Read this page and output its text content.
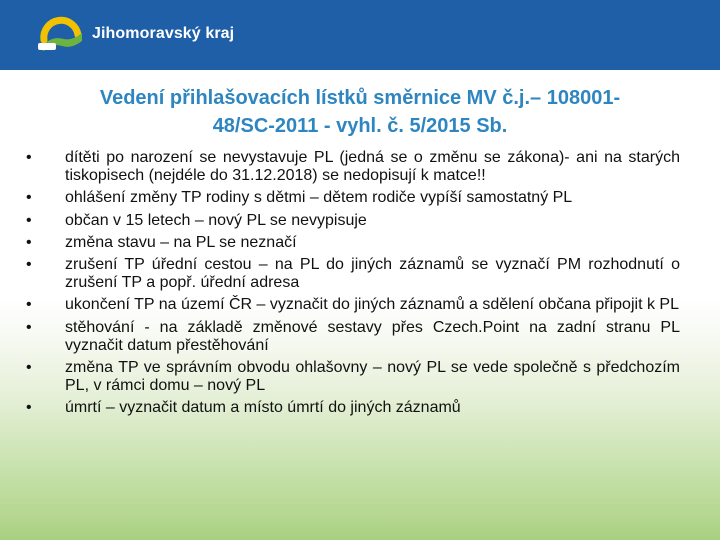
Jihomoravský kraj
Vedení přihlašovacích lístků směrnice MV č.j.– 108001-
48/SC-2011 - vyhl. č. 5/2015 Sb.
• dítěti po narození se nevystavuje PL (jedná se o změnu se zákona)- ani na starých tiskopisech (nejdéle do 31.12.2018) se nedopisují k matce!!
• ohlášení změny TP rodiny s dětmi – dětem rodiče vypíší samostatný PL
• občan v 15 letech – nový PL se nevypisuje
• změna stavu – na PL se neznačí
• zrušení TP úřední cestou – na PL do jiných záznamů se vyznačí PM rozhodnutí o zrušení TP a popř. úřední adresa
• ukončení TP na území ČR – vyznačit do jiných záznamů a sdělení občana připojit k PL
• stěhování - na základě změnové sestavy přes Czech.Point na zadní stranu PL vyznačit datum přestěhování
• změna TP ve správním obvodu ohlašovny – nový PL se vede společně s předchozím PL, v rámci domu – nový PL
• úmrtí – vyznačit datum a místo úmrtí do jiných záznamů
